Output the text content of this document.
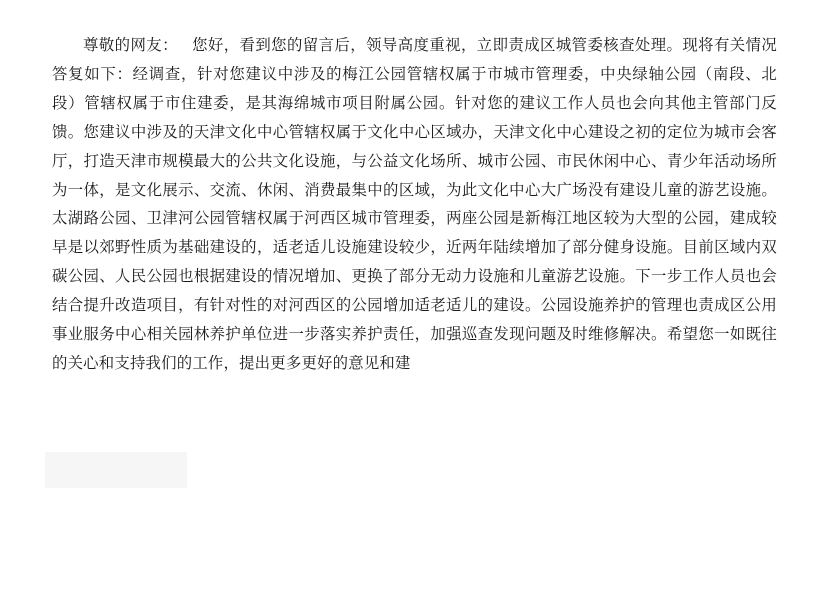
尊敬的网友： 您好，看到您的留言后，领导高度重视，立即责成区城管委核查处理。现将有关情况答复如下：经调查，针对您建议中涉及的梅江公园管辖权属于市城市管理委，中央绿轴公园（南段、北段）管辖权属于市住建委，是其海绵城市项目附属公园。针对您的建议工作人员也会向其他主管部门反馈。您建议中涉及的天津文化中心管辖权属于文化中心区域办，天津文化中心建设之初的定位为城市会客厅，打造天津市规模最大的公共文化设施，与公益文化场所、城市公园、市民休闲中心、青少年活动场所为一体，是文化展示、交流、休闲、消费最集中的区域，为此文化中心大广场没有建设儿童的游艺设施。太湖路公园、卫津河公园管辖权属于河西区城市管理委，两座公园是新梅江地区较为大型的公园，建成较早是以郊野性质为基础建设的，适老适儿设施建设较少，近两年陆续增加了部分健身设施。目前区域内双碳公园、人民公园也根据建设的情况增加、更换了部分无动力设施和儿童游艺设施。下一步工作人员也会结合提升改造项目，有针对性的对河西区的公园增加适老适儿的建设。公园设施养护的管理也责成区公用事业服务中心相关园林养护单位进一步落实养护责任，加强巡查发现问题及时维修解决。希望您一如既往的关心和支持我们的工作，提出更多更好的意见和建
